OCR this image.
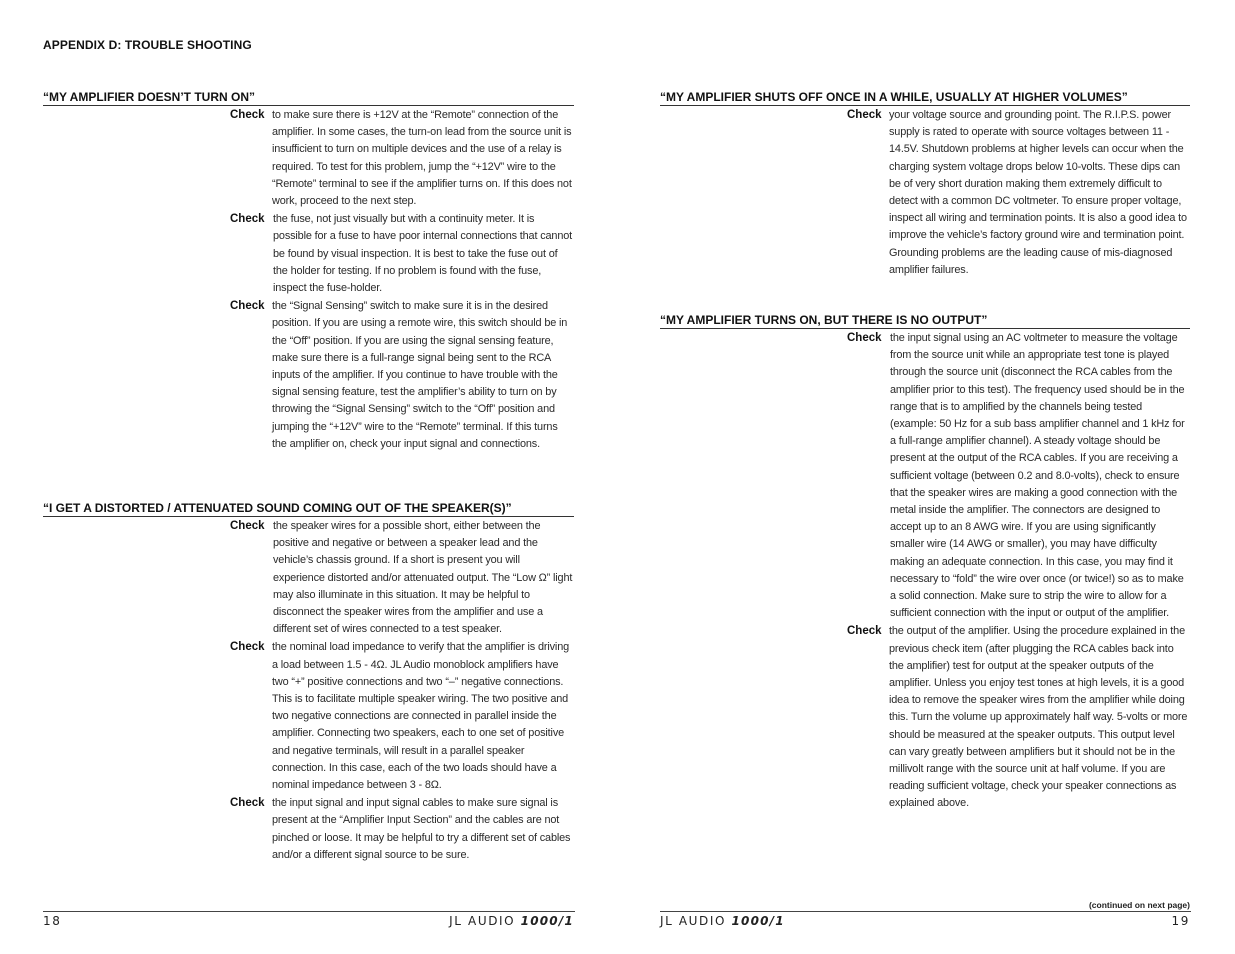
APPENDIX D: TROUBLE SHOOTING
“MY AMPLIFIER DOESN’T TURN ON”
Check to make sure there is +12V at the “Remote” connection of the amplifier. In some cases, the turn-on lead from the source unit is insufficient to turn on multiple devices and the use of a relay is required. To test for this problem, jump the “+12V” wire to the “Remote” terminal to see if the amplifier turns on. If this does not work, proceed to the next step.
Check the fuse, not just visually but with a continuity meter. It is possible for a fuse to have poor internal connections that cannot be found by visual inspection. It is best to take the fuse out of the holder for testing. If no problem is found with the fuse, inspect the fuse-holder.
Check the “Signal Sensing” switch to make sure it is in the desired position. If you are using a remote wire, this switch should be in the “Off” position. If you are using the signal sensing feature, make sure there is a full-range signal being sent to the RCA inputs of the amplifier. If you continue to have trouble with the signal sensing feature, test the amplifier’s ability to turn on by throwing the “Signal Sensing” switch to the “Off” position and jumping the “+12V” wire to the “Remote” terminal. If this turns the amplifier on, check your input signal and connections.
“I GET A DISTORTED / ATTENUATED SOUND COMING OUT OF THE SPEAKER(S)”
Check the speaker wires for a possible short, either between the positive and negative or between a speaker lead and the vehicle’s chassis ground. If a short is present you will experience distorted and/or attenuated output. The “Low Ω” light may also illuminate in this situation. It may be helpful to disconnect the speaker wires from the amplifier and use a different set of wires connected to a test speaker.
Check the nominal load impedance to verify that the amplifier is driving a load between 1.5 - 4Ω. JL Audio monoblock amplifiers have two “+” positive connections and two “–” negative connections. This is to facilitate multiple speaker wiring. The two positive and two negative connections are connected in parallel inside the amplifier. Connecting two speakers, each to one set of positive and negative terminals, will result in a parallel speaker connection. In this case, each of the two loads should have a nominal impedance between 3 - 8Ω.
Check the input signal and input signal cables to make sure signal is present at the “Amplifier Input Section” and the cables are not pinched or loose. It may be helpful to try a different set of cables and/or a different signal source to be sure.
18	JL AUDIO 1000/1
“MY AMPLIFIER SHUTS OFF ONCE IN A WHILE, USUALLY AT HIGHER VOLUMES”
Check your voltage source and grounding point. The R.I.P.S. power supply is rated to operate with source voltages between 11 - 14.5V. Shutdown problems at higher levels can occur when the charging system voltage drops below 10-volts. These dips can be of very short duration making them extremely difficult to detect with a common DC voltmeter. To ensure proper voltage, inspect all wiring and termination points. It is also a good idea to improve the vehicle’s factory ground wire and termination point. Grounding problems are the leading cause of mis-diagnosed amplifier failures.
“MY AMPLIFIER TURNS ON, BUT THERE IS NO OUTPUT”
Check the input signal using an AC voltmeter to measure the voltage from the source unit while an appropriate test tone is played through the source unit (disconnect the RCA cables from the amplifier prior to this test). The frequency used should be in the range that is to amplified by the channels being tested (example: 50 Hz for a sub bass amplifier channel and 1 kHz for a full-range amplifier channel). A steady voltage should be present at the output of the RCA cables. If you are receiving a sufficient voltage (between 0.2 and 8.0-volts), check to ensure that the speaker wires are making a good connection with the metal inside the amplifier. The connectors are designed to accept up to an 8 AWG wire. If you are using significantly smaller wire (14 AWG or smaller), you may have difficulty making an adequate connection. In this case, you may find it necessary to “fold” the wire over once (or twice!) so as to make a solid connection. Make sure to strip the wire to allow for a sufficient connection with the input or output of the amplifier.
Check the output of the amplifier. Using the procedure explained in the previous check item (after plugging the RCA cables back into the amplifier) test for output at the speaker outputs of the amplifier. Unless you enjoy test tones at high levels, it is a good idea to remove the speaker wires from the amplifier while doing this. Turn the volume up approximately half way. 5-volts or more should be measured at the speaker outputs. This output level can vary greatly between amplifiers but it should not be in the millivolt range with the source unit at half volume. If you are reading sufficient voltage, check your speaker connections as explained above.
(continued on next page)
JL AUDIO 1000/1	19
